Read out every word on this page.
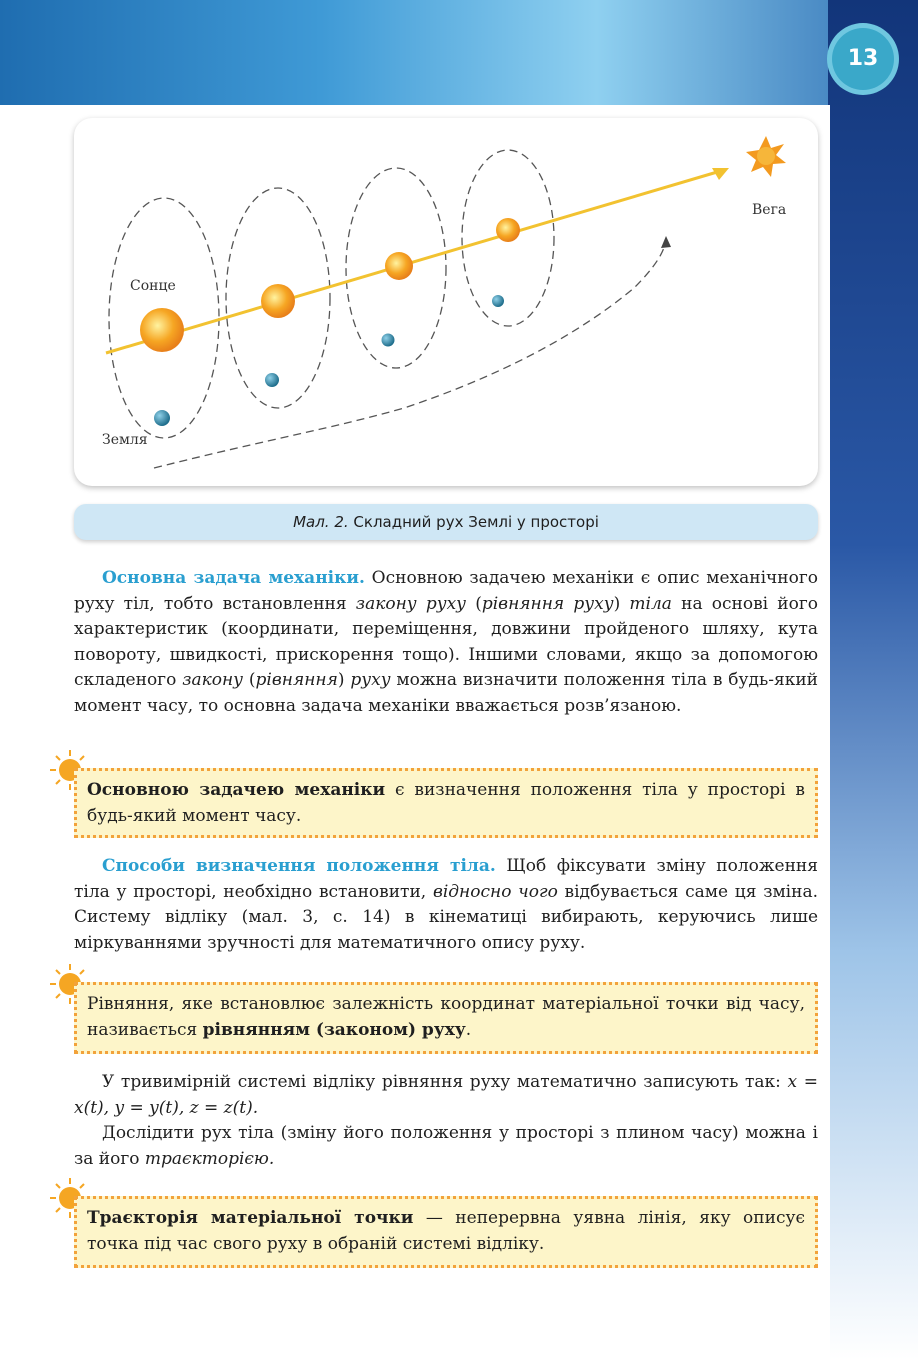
13
Сонце
Земля
Вега
Мал. 2. Складний рух Землі у просторі

Основна задача механіки. Основною задачею механіки є опис механічного руху тіл, тобто встановлення закону руху (рівняння руху) тіла на основі його характеристик (координати, переміщення, довжини пройденого шляху, кута повороту, швидкості, прискорення тощо). Іншими словами, якщо за допомогою складеного закону (рівняння) руху можна визначити положення тіла в будь-який момент часу, то основна задача механіки вважається розв’язаною.

Основною задачею механіки є визначення положення тіла у просторі в будь-який момент часу.

Способи визначення положення тіла. Щоб фіксувати зміну положення тіла у просторі, необхідно встановити, відносно чого відбувається саме ця зміна. Систему відліку (мал. 3, с. 14) в кінематиці вибирають, керуючись лише міркуваннями зручності для математичного опису руху.

Рівняння, яке встановлює залежність координат матеріальної точки від часу, називається рівнянням (законом) руху.

У тривимірній системі відліку рівняння руху математично записують так: x = x(t), y = y(t), z = z(t).

Дослідити рух тіла (зміну його положення у просторі з плином часу) можна і за його траєкторією.

Траєкторія матеріальної точки — неперервна уявна лінія, яку описує точка під час свого руху в обраній системі відліку.
